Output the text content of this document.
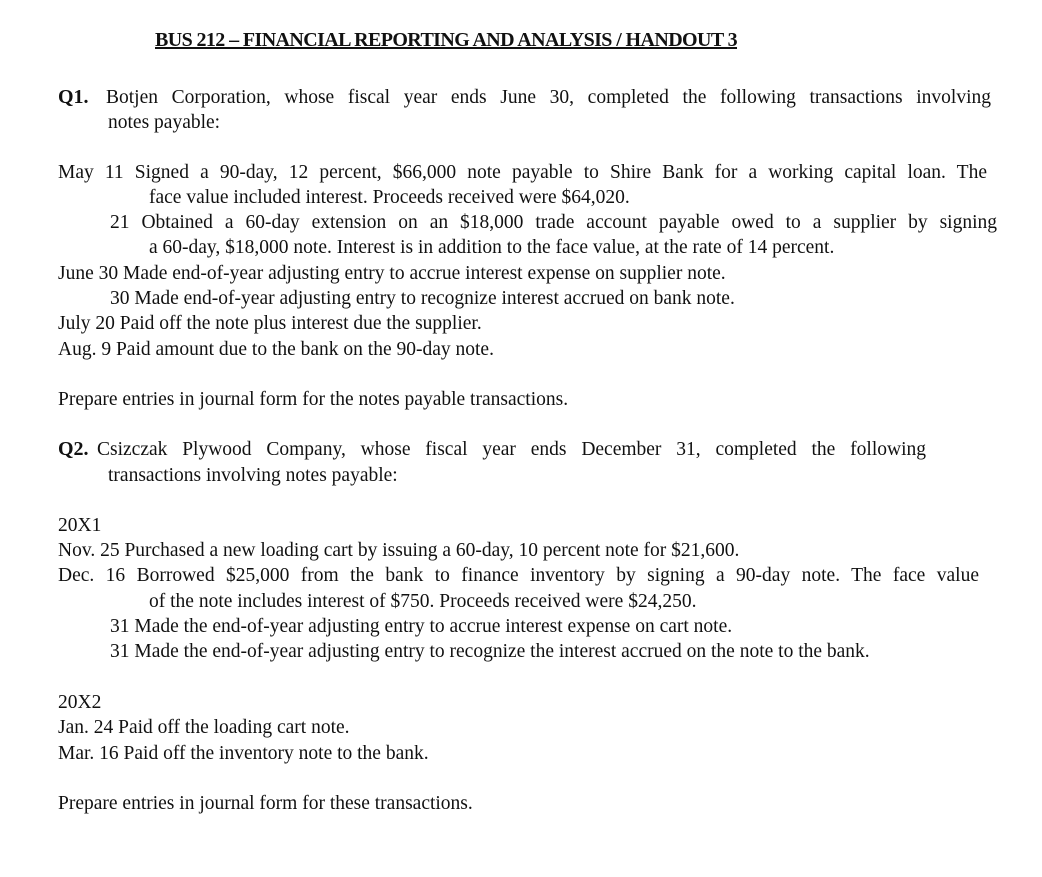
BUS 212 – FINANCIAL REPORTING AND ANALYSIS / HANDOUT 3
Q1. Botjen Corporation, whose fiscal year ends June 30, completed the following transactions involving
notes payable:
May 11 Signed a 90-day, 12 percent, $66,000 note payable to Shire Bank for a working capital loan. The
face value included interest. Proceeds received were $64,020.
21 Obtained a 60-day extension on an $18,000 trade account payable owed to a supplier by signing
a 60-day, $18,000 note. Interest is in addition to the face value, at the rate of 14 percent.
June 30 Made end-of-year adjusting entry to accrue interest expense on supplier note.
30 Made end-of-year adjusting entry to recognize interest accrued on bank note.
July 20 Paid off the note plus interest due the supplier.
Aug. 9 Paid amount due to the bank on the 90-day note.
Prepare entries in journal form for the notes payable transactions.
Q2. Csizczak Plywood Company, whose fiscal year ends December 31, completed the following
transactions involving notes payable:
20X1
Nov. 25 Purchased a new loading cart by issuing a 60-day, 10 percent note for $21,600.
Dec. 16 Borrowed $25,000 from the bank to finance inventory by signing a 90-day note. The face value
of the note includes interest of $750. Proceeds received were $24,250.
31 Made the end-of-year adjusting entry to accrue interest expense on cart note.
31 Made the end-of-year adjusting entry to recognize the interest accrued on the note to the bank.
20X2
Jan. 24 Paid off the loading cart note.
Mar. 16 Paid off the inventory note to the bank.
Prepare entries in journal form for these transactions.
